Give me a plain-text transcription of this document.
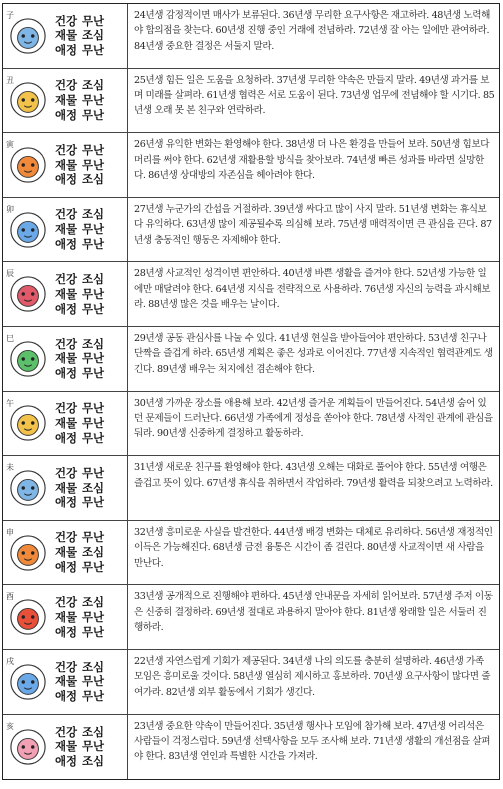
子	건강 무난
재물 조심
애정 무난
24년생 감정적이면 매사가 보류된다. 36년생 무리한 요구사항은 재고하라. 48년생 노력해야 합의점을 찾는다. 60년생 진행 중인 거래에 전념하라. 72년생 잘 아는 일에만 관여하라. 84년생 중요한 결정은 서둘지 말라.
丑	건강 조심
재물 무난
애정 무난
25년생 힘든 일은 도움을 요청하라. 37년생 무리한 약속은 만들지 말라. 49년생 과거를 보며 미래를 살펴라. 61년생 협력은 서로 도움이 된다. 73년생 업무에 전념해야 할 시기다. 85년생 오래 못 본 친구와 연락하라.
寅	건강 무난
재물 무난
애정 조심
26년생 유익한 변화는 환영해야 한다. 38년생 더 나은 환경을 만들어 보라. 50년생 힘보다 머리를 써야 한다. 62년생 재활용할 방식을 찾아보라. 74년생 빠른 성과를 바라면 실망한다. 86년생 상대방의 자존심을 헤아려야 한다.
卯	건강 조심
재물 무난
애정 무난
27년생 누군가의 간섭을 거절하라. 39년생 싸다고 많이 사지 말라. 51년생 변화는 휴식보다 유익하다. 63년생 많이 제공될수록 의심해 보라. 75년생 매력적이면 큰 관심을 끈다. 87년생 충동적인 행동은 자제해야 한다.
辰	건강 조심
재물 무난
애정 무난
28년생 사교적인 성격이면 편안하다. 40년생 바쁜 생활을 즐겨야 한다. 52년생 가능한 일에만 매달려야 한다. 64년생 지식을 전략적으로 사용하라. 76년생 자신의 능력을 과시해보라. 88년생 많은 것을 배우는 날이다.
巳	건강 조심
재물 무난
애정 무난
29년생 공동 관심사를 나눌 수 있다. 41년생 현실을 받아들여야 편안하다. 53년생 친구나 단짝을 즐겁게 하라. 65년생 계획은 좋은 성과로 이어진다. 77년생 지속적인 협력관계도 생긴다. 89년생 배우는 처지에선 겸손해야 한다.
午	건강 무난
재물 무난
애정 무난
30년생 가까운 장소를 애용해 보라. 42년생 즐거운 계획들이 만들어진다. 54년생 숨어 있던 문제들이 드러난다. 66년생 가족에게 정성을 쏟아야 한다. 78년생 사적인 관계에 관심을 둬라. 90년생 신중하게 결정하고 활동하라.
未	건강 무난
재물 조심
애정 무난
31년생 새로운 친구를 환영해야 한다. 43년생 오해는 대화로 풀어야 한다. 55년생 여행은 즐겁고 뜻이 있다. 67년생 휴식을 취하면서 작업하라. 79년생 활력을 되찾으려고 노력하라.
申	건강 무난
재물 조심
애정 무난
32년생 흥미로운 사실을 발견한다. 44년생 배경 변화는 대체로 유리하다. 56년생 재정적인 이득은 가능해진다. 68년생 금전 융통은 시간이 좀 걸린다. 80년생 사교적이면 새 사람을 만난다.
酉	건강 조심
재물 무난
애정 무난
33년생 공개적으로 진행해야 편하다. 45년생 안내문을 자세히 읽어보라. 57년생 주저 이동은 신중히 결정하라. 69년생 절대로 과용하지 말아야 한다. 81년생 왕래할 일은 서둘러 진행하라.
戌	건강 조심
재물 무난
애정 무난
22년생 자연스럽게 기회가 제공된다. 34년생 나의 의도를 충분히 설명하라. 46년생 가족 모임은 흥미로울 것이다. 58년생 열심히 제시하고 홍보하라. 70년생 요구사항이 많다면 줄여가라. 82년생 외부 활동에서 기회가 생긴다.
亥	건강 조심
재물 무난
애정 조심
23년생 중요한 약속이 만들어진다. 35년생 행사나 모임에 참가해 보라. 47년생 어리석은 사람들이 걱정스럽다. 59년생 선택사항을 모두 조사해 보라. 71년생 생활의 개선점을 살펴야 한다. 83년생 연인과 특별한 시간을 가져라.
